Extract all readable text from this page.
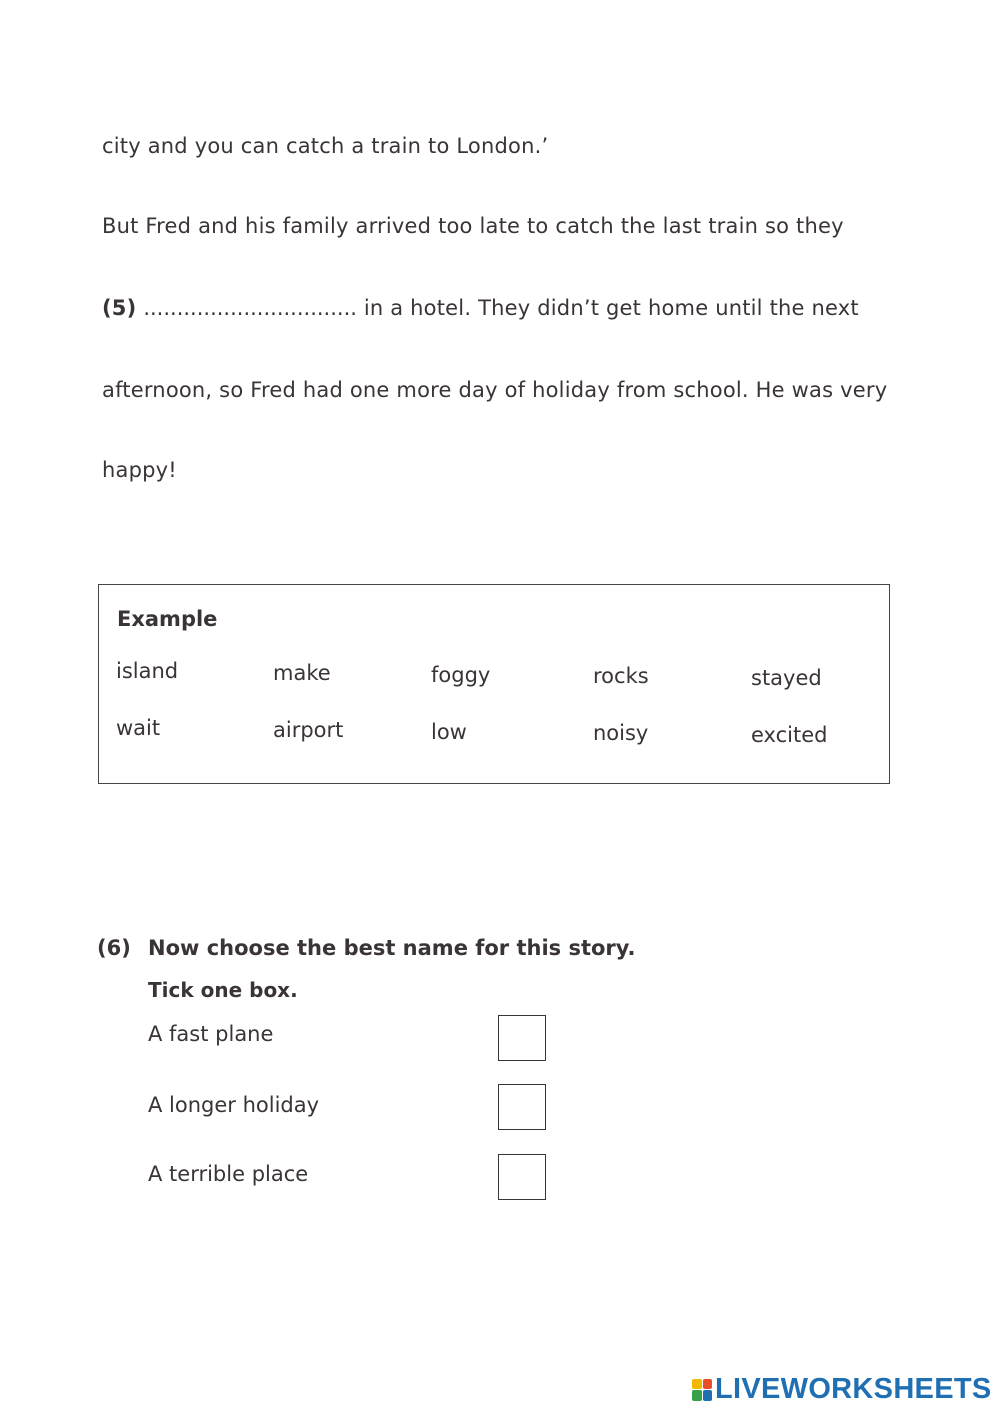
city and you can catch a train to London.’
But Fred and his family arrived too late to catch the last train so they
(5) ................................ in a hotel. They didn’t get home until the next
afternoon, so Fred had one more day of holiday from school. He was very
happy!
Example
island	make	foggy	rocks	stayed
wait	airport	low	noisy	excited
(6) Now choose the best name for this story.
Tick one box.
A fast plane
A longer holiday
A terrible place
LIVEWORKSHEETS
